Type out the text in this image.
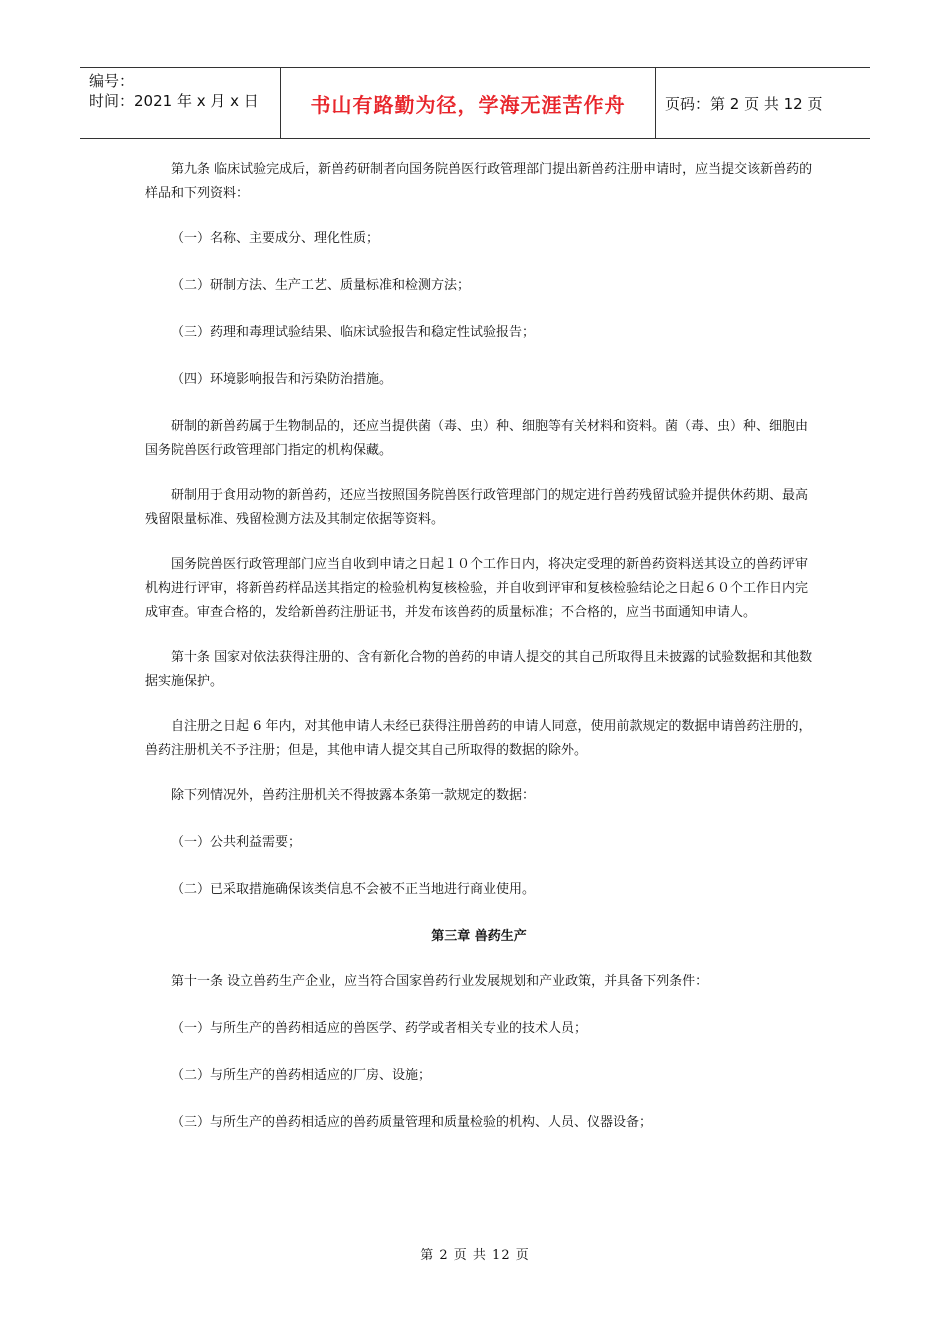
编号：
时间：2021 年 x 月 x 日	书山有路勤为径，学海无涯苦作舟	页码：第 2 页 共 12 页

第九条 临床试验完成后，新兽药研制者向国务院兽医行政管理部门提出新兽药注册申请时，应当提交该新兽药的样品和下列资料：

（一）名称、主要成分、理化性质；

（二）研制方法、生产工艺、质量标准和检测方法；

（三）药理和毒理试验结果、临床试验报告和稳定性试验报告；

（四）环境影响报告和污染防治措施。

研制的新兽药属于生物制品的，还应当提供菌（毒、虫）种、细胞等有关材料和资料。菌（毒、虫）种、细胞由国务院兽医行政管理部门指定的机构保藏。

研制用于食用动物的新兽药，还应当按照国务院兽医行政管理部门的规定进行兽药残留试验并提供休药期、最高残留限量标准、残留检测方法及其制定依据等资料。

国务院兽医行政管理部门应当自收到申请之日起１０个工作日内，将决定受理的新兽药资料送其设立的兽药评审机构进行评审，将新兽药样品送其指定的检验机构复核检验，并自收到评审和复核检验结论之日起６０个工作日内完成审查。审查合格的，发给新兽药注册证书，并发布该兽药的质量标准；不合格的，应当书面通知申请人。

第十条 国家对依法获得注册的、含有新化合物的兽药的申请人提交的其自己所取得且未披露的试验数据和其他数据实施保护。

自注册之日起 6 年内，对其他申请人未经已获得注册兽药的申请人同意，使用前款规定的数据申请兽药注册的，兽药注册机关不予注册；但是，其他申请人提交其自己所取得的数据的除外。

除下列情况外，兽药注册机关不得披露本条第一款规定的数据：

（一）公共利益需要；

（二）已采取措施确保该类信息不会被不正当地进行商业使用。

第三章 兽药生产

第十一条 设立兽药生产企业，应当符合国家兽药行业发展规划和产业政策，并具备下列条件：

（一）与所生产的兽药相适应的兽医学、药学或者相关专业的技术人员；

（二）与所生产的兽药相适应的厂房、设施；

（三）与所生产的兽药相适应的兽药质量管理和质量检验的机构、人员、仪器设备；

第 2 页 共 12 页
